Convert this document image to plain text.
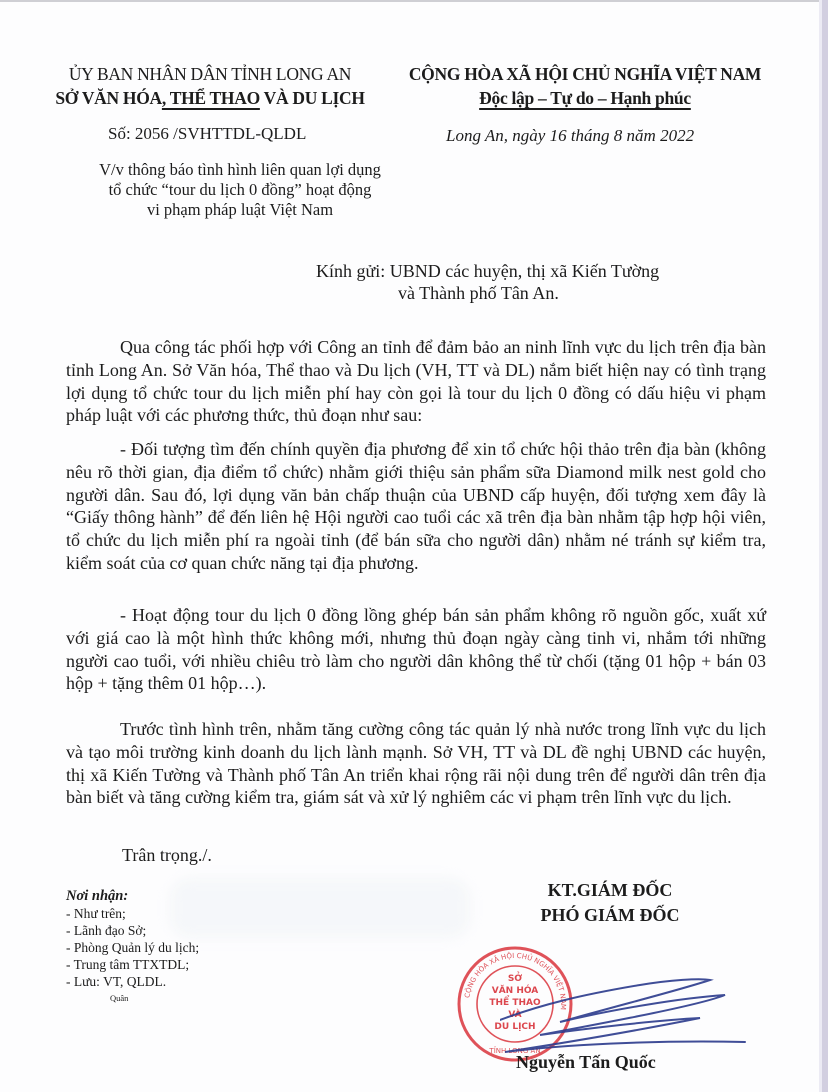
ỦY BAN NHÂN DÂN TỈNH LONG AN
SỞ VĂN HÓA, THỂ THAO VÀ DU LỊCH
CỘNG HÒA XÃ HỘI CHỦ NGHĨA VIỆT NAM
Độc lập – Tự do – Hạnh phúc
Số: 2056 /SVHTTDL-QLDL	Long An, ngày 16 tháng 8 năm 2022
V/v thông báo tình hình liên quan lợi dụng
tổ chức “tour du lịch 0 đồng” hoạt động
vi phạm pháp luật Việt Nam
Kính gửi: UBND các huyện, thị xã Kiến Tường
và Thành phố Tân An.
Qua công tác phối hợp với Công an tỉnh để đảm bảo an ninh lĩnh vực du lịch trên địa bàn tỉnh Long An. Sở Văn hóa, Thể thao và Du lịch (VH, TT và DL) nắm biết hiện nay có tình trạng lợi dụng tổ chức tour du lịch miễn phí hay còn gọi là tour du lịch 0 đồng có dấu hiệu vi phạm pháp luật với các phương thức, thủ đoạn như sau:
- Đối tượng tìm đến chính quyền địa phương để xin tổ chức hội thảo trên địa bàn (không nêu rõ thời gian, địa điểm tổ chức) nhằm giới thiệu sản phẩm sữa Diamond milk nest gold cho người dân. Sau đó, lợi dụng văn bản chấp thuận của UBND cấp huyện, đối tượng xem đây là “Giấy thông hành” để đến liên hệ Hội người cao tuổi các xã trên địa bàn nhằm tập hợp hội viên, tổ chức du lịch miễn phí ra ngoài tỉnh (để bán sữa cho người dân) nhằm né tránh sự kiểm tra, kiểm soát của cơ quan chức năng tại địa phương.
- Hoạt động tour du lịch 0 đồng lồng ghép bán sản phẩm không rõ nguồn gốc, xuất xứ với giá cao là một hình thức không mới, nhưng thủ đoạn ngày càng tinh vi, nhắm tới những người cao tuổi, với nhiều chiêu trò làm cho người dân không thể từ chối (tặng 01 hộp + bán 03 hộp + tặng thêm 01 hộp…).
Trước tình hình trên, nhằm tăng cường công tác quản lý nhà nước trong lĩnh vực du lịch và tạo môi trường kinh doanh du lịch lành mạnh. Sở VH, TT và DL đề nghị UBND các huyện, thị xã Kiến Tường và Thành phố Tân An triển khai rộng rãi nội dung trên để người dân trên địa bàn biết và tăng cường kiểm tra, giám sát và xử lý nghiêm các vi phạm trên lĩnh vực du lịch.
Trân trọng./.
Nơi nhận:
- Như trên;
- Lãnh đạo Sở;
- Phòng Quản lý du lịch;
- Trung tâm TTXTDL;
- Lưu: VT, QLDL.
Quân
KT.GIÁM ĐỐC
PHÓ GIÁM ĐỐC
CỘNG HÒA XÃ HỘI CHỦ NGHĨA VIỆT NAM
TỈNH LONG AN
SỞ
VĂN HÓA
THỂ THAO
VÀ
DU LỊCH
Nguyễn Tấn Quốc
